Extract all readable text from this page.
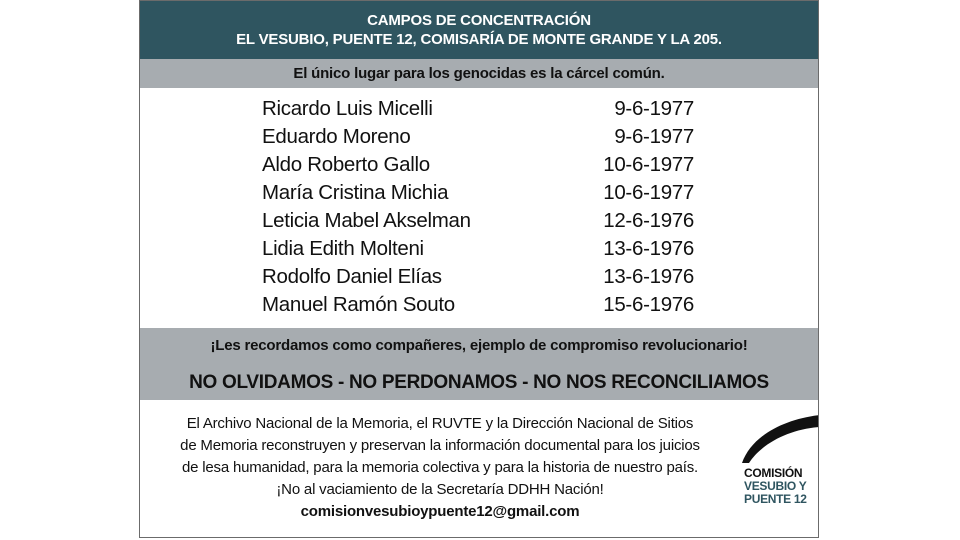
CAMPOS DE CONCENTRACIÓN
EL VESUBIO, PUENTE 12, COMISARÍA DE MONTE GRANDE Y LA 205.
El único lugar para los genocidas es la cárcel común.
Ricardo Luis Micelli	9-6-1977
Eduardo Moreno	9-6-1977
Aldo Roberto Gallo	10-6-1977
María Cristina Michia	10-6-1977
Leticia Mabel Akselman	12-6-1976
Lidia Edith Molteni	13-6-1976
Rodolfo Daniel Elías	13-6-1976
Manuel Ramón Souto	15-6-1976
¡Les recordamos como compañeres, ejemplo de compromiso revolucionario!
NO OLVIDAMOS - NO PERDONAMOS - NO NOS RECONCILIAMOS
El Archivo Nacional de la Memoria, el RUVTE y la Dirección Nacional de Sitios
de Memoria reconstruyen y preservan la información documental para los juicios
de lesa humanidad, para la memoria colectiva y para la historia de nuestro país.
¡No al vaciamiento de la Secretaría DDHH Nación!
comisionvesubioypuente12@gmail.com
COMISIÓN
VESUBIO Y
PUENTE 12
